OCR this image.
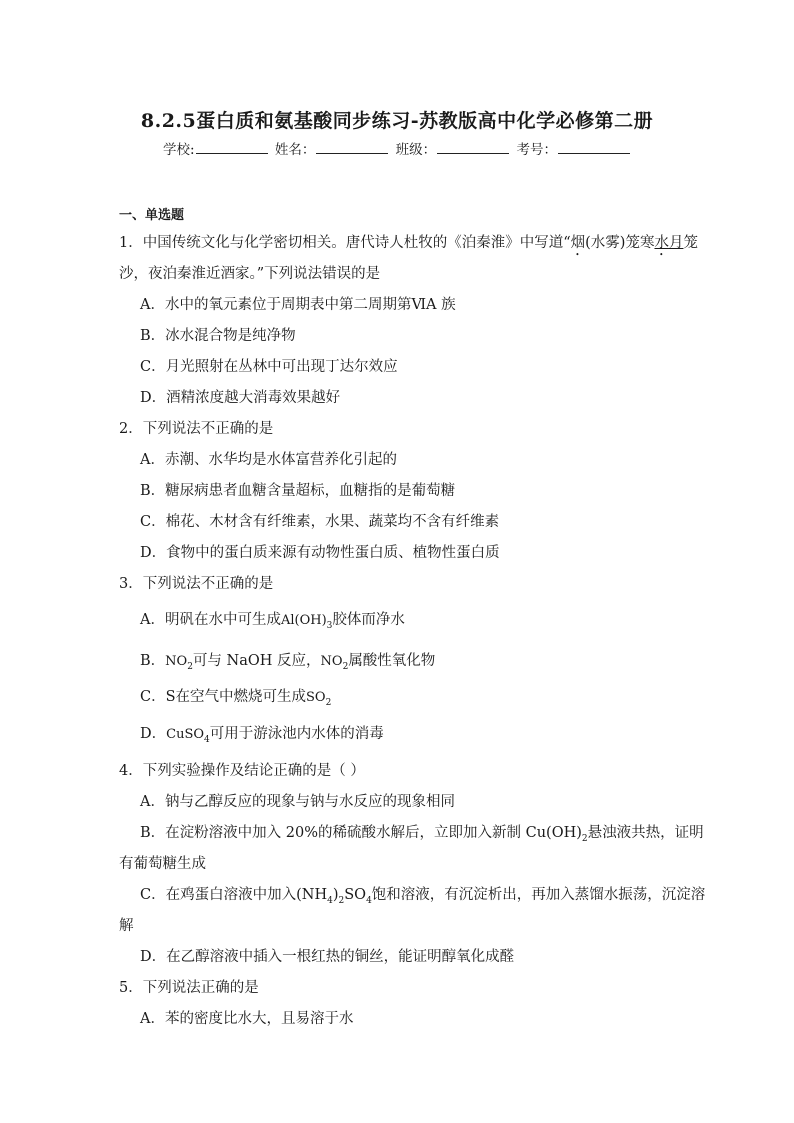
8.2.5蛋白质和氨基酸同步练习-苏教版高中化学必修第二册
学校:	姓名：	班级：	考号：
一、单选题
1．中国传统文化与化学密切相关。唐代诗人杜牧的《泊秦淮》中写道“烟(水雾)笼寒水月笼
沙，夜泊秦淮近酒家。”下列说法错误的是
A．水中的氧元素位于周期表中第二周期第ⅥA 族
B．冰水混合物是纯净物
C．月光照射在丛林中可出现丁达尔效应
D．酒精浓度越大消毒效果越好
2．下列说法不正确的是
A．赤潮、水华均是水体富营养化引起的
B．糖尿病患者血糖含量超标，血糖指的是葡萄糖
C．棉花、木材含有纤维素，水果、蔬菜均不含有纤维素
D．食物中的蛋白质来源有动物性蛋白质、植物性蛋白质
3．下列说法不正确的是
A．明矾在水中可生成$Al(OH)_3$胶体而净水
B．$NO_2$可与 NaOH 反应，$NO_2$属酸性氧化物
C．S在空气中燃烧可生成$SO_2$
D．CuSO$_4$可用于游泳池内水体的消毒
4．下列实验操作及结论正确的是（ ）
A．钠与乙醇反应的现象与钠与水反应的现象相同
B．在淀粉溶液中加入 20%的稀硫酸水解后，立即加入新制 $Cu(OH)_2$悬浊液共热，证明
有葡萄糖生成
C．在鸡蛋白溶液中加入$(NH_4)_2SO_4$饱和溶液，有沉淀析出，再加入蒸馏水振荡，沉淀溶
解
D．在乙醇溶液中插入一根红热的铜丝，能证明醇氧化成醛
5．下列说法正确的是
A．苯的密度比水大，且易溶于水
